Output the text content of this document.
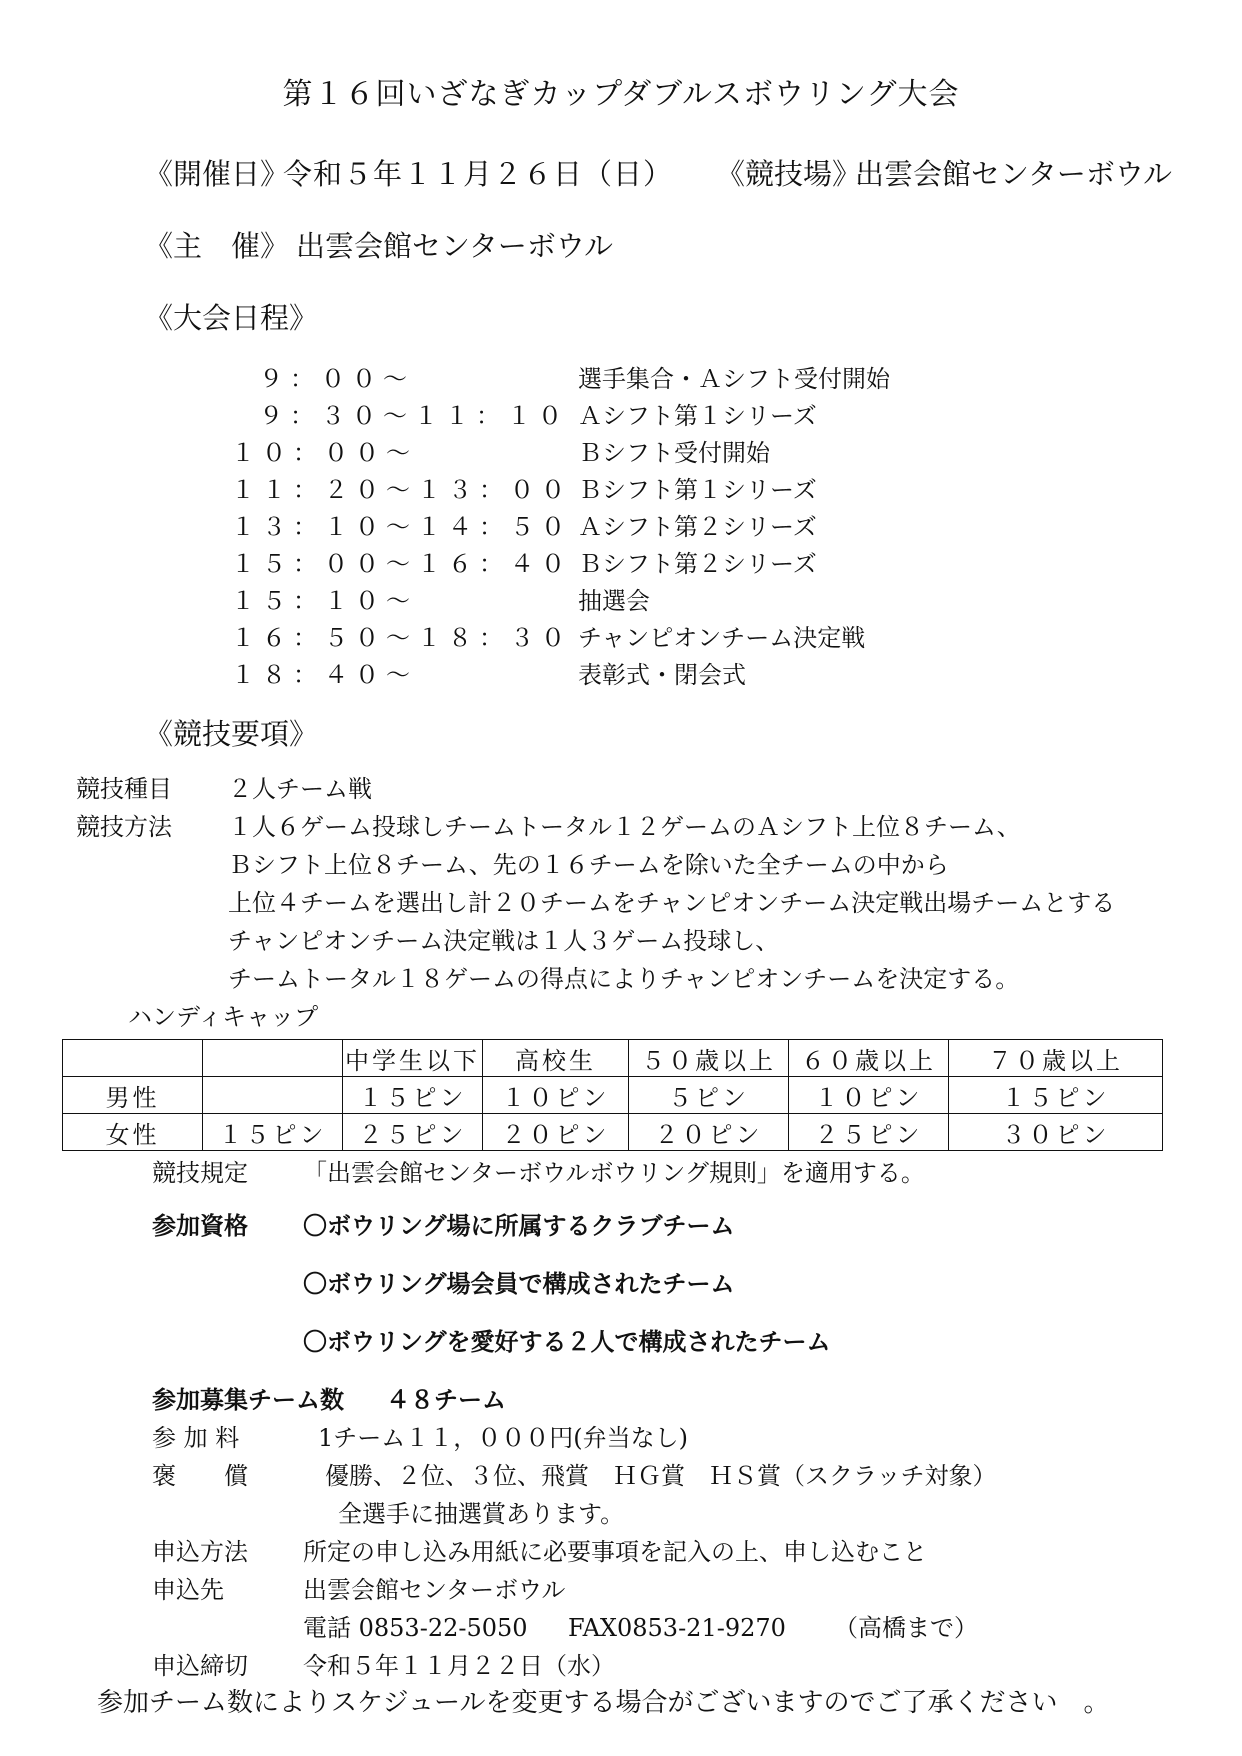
第１６回いざなぎカップダブルスボウリング大会
《開催日》
令和５年１１月２６日（日） 《競技場》
出雲会館センターボウル
《主　催》 出雲会館センターボウル
《大会日程》
９：００～	選手集合・Ａシフト受付開始
９：３０～１１：１０ Ａシフト第１シリーズ
１０：００～	Ｂシフト受付開始
１１：２０～１３：００ Ｂシフト第１シリーズ
１３：１０～１４：５０ Ａシフト第２シリーズ
１５：００～１６：４０ Ｂシフト第２シリーズ
１５：１０～	抽選会
１６：５０～１８：３０ チャンピオンチーム決定戦
１８：４０～	表彰式・閉会式
《競技要項》
競技種目 ２人チーム戦
競技方法 １人６ゲーム投球しチームトータル１２ゲームのＡシフト上位８チーム、
Ｂシフト上位８チーム、先の１６チームを除いた全チームの中から
上位４チームを選出し計２０チームをチャンピオンチーム決定戦出場チームとする
チャンピオンチーム決定戦は１人３ゲーム投球し、
チームトータル１８ゲームの得点によりチャンピオンチームを決定する。
ハンディキャップ
		中学生以下	高校生	５０歳以上	６０歳以上	７０歳以上
男性		１５ピン	１０ピン	５ピン	１０ピン	１５ピン
女性	１５ピン	２５ピン	２０ピン	２０ピン	２５ピン	３０ピン
競技規定 「出雲会館センターボウルボウリング規則」を適用する。
参加資格 〇ボウリング場に所属するクラブチーム
〇ボウリング場会員で構成されたチーム
〇ボウリングを愛好する２人で構成されたチーム
参加募集チーム数 ４８チーム
参 加 料	1チーム１１，０００円(弁当なし)
褒　　償	優勝、２位、３位、飛賞　ＨＧ賞　ＨＳ賞（スクラッチ対象）
全選手に抽選賞あります。
申込方法 所定の申し込み用紙に必要事項を記入の上、申し込むこと
申込先	出雲会館センターボウル
電話 0853-22-5050 FAX0853-21-9270 （高橋まで）
申込締切 令和５年１１月２２日（水）
参加チーム数によりスケジュールを変更する場合がございますのでご了承ください　。
